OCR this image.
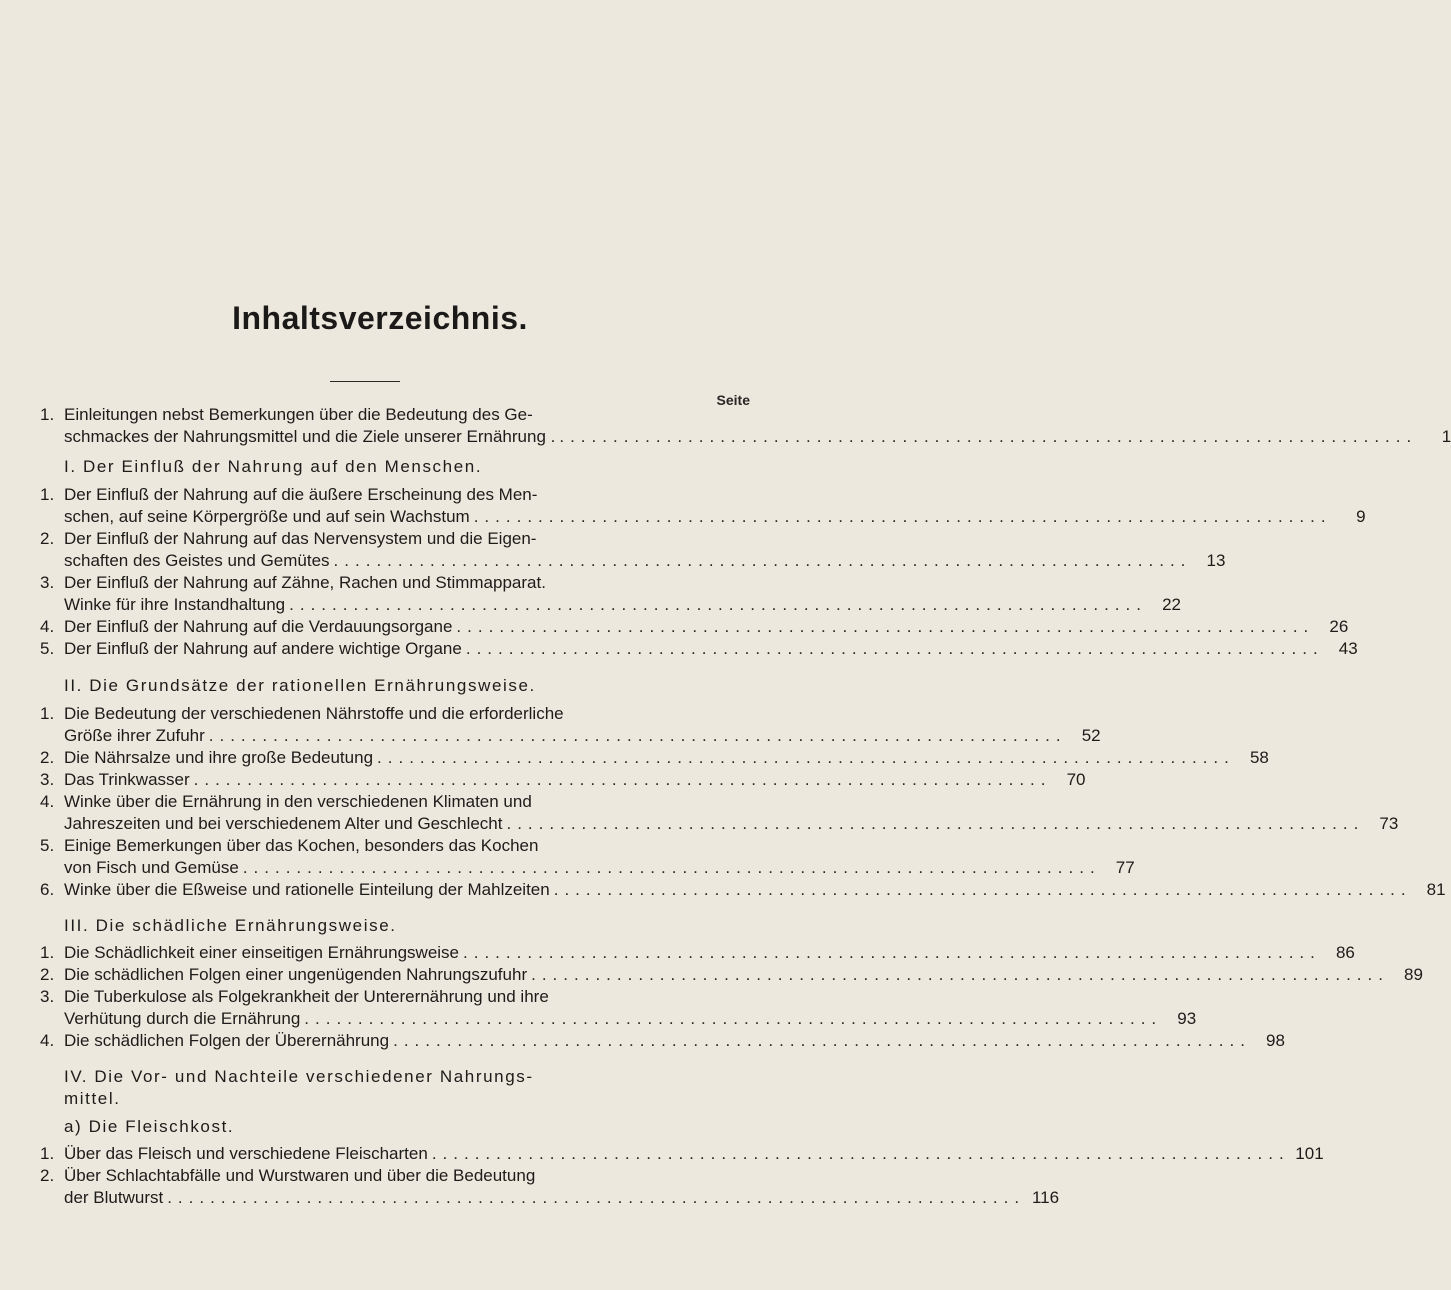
Inhaltsverzeichnis.
Seite
1. Einleitungen nebst Bemerkungen über die Bedeutung des Ge-
schmackes der Nahrungsmittel und die Ziele unserer Ernährung . ................................................................................	1
I. Der Einfluß der Nahrung auf den Menschen.
1. Der Einfluß der Nahrung auf die äußere Erscheinung des Men-
schen, auf seine Körpergröße und auf sein Wachstum ................................................................................	9
2. Der Einfluß der Nahrung auf das Nervensystem und die Eigen-
schaften des Geistes und Gemütes ................................................................................ 13
3. Der Einfluß der Nahrung auf Zähne, Rachen und Stimmapparat.
Winke für ihre Instandhaltung ................................................................................ 22
4. Der Einfluß der Nahrung auf die Verdauungsorgane ................................................................................ 26
5. Der Einfluß der Nahrung auf andere wichtige Organe ................................................................................ 43
II. Die Grundsätze der rationellen Ernährungsweise.
1. Die Bedeutung der verschiedenen Nährstoffe und die erforderliche
Größe ihrer Zufuhr ................................................................................ 52
2. Die Nährsalze und ihre große Bedeutung ................................................................................ 58
3. Das Trinkwasser ................................................................................ 70
4. Winke über die Ernährung in den verschiedenen Klimaten und
Jahreszeiten und bei verschiedenem Alter und Geschlecht ................................................................................ 73
5. Einige Bemerkungen über das Kochen, besonders das Kochen
von Fisch und Gemüse ................................................................................ 77
6. Winke über die Eßweise und rationelle Einteilung der Mahlzeiten ................................................................................ 81
III. Die schädliche Ernährungsweise.
1. Die Schädlichkeit einer einseitigen Ernährungsweise ................................................................................ 86
2. Die schädlichen Folgen einer ungenügenden Nahrungszufuhr ................................................................................ 89
3. Die Tuberkulose als Folgekrankheit der Unterernährung und ihre
Verhütung durch die Ernährung ................................................................................ 93
4. Die schädlichen Folgen der Überernährung ................................................................................ 98
IV. Die Vor- und Nachteile verschiedener Nahrungs-
mittel.
a) Die Fleischkost.
1. Über das Fleisch und verschiedene Fleischarten ................................................................................ 101
2. Über Schlachtabfälle und Wurstwaren und über die Bedeutung
der Blutwurst ................................................................................ 116
